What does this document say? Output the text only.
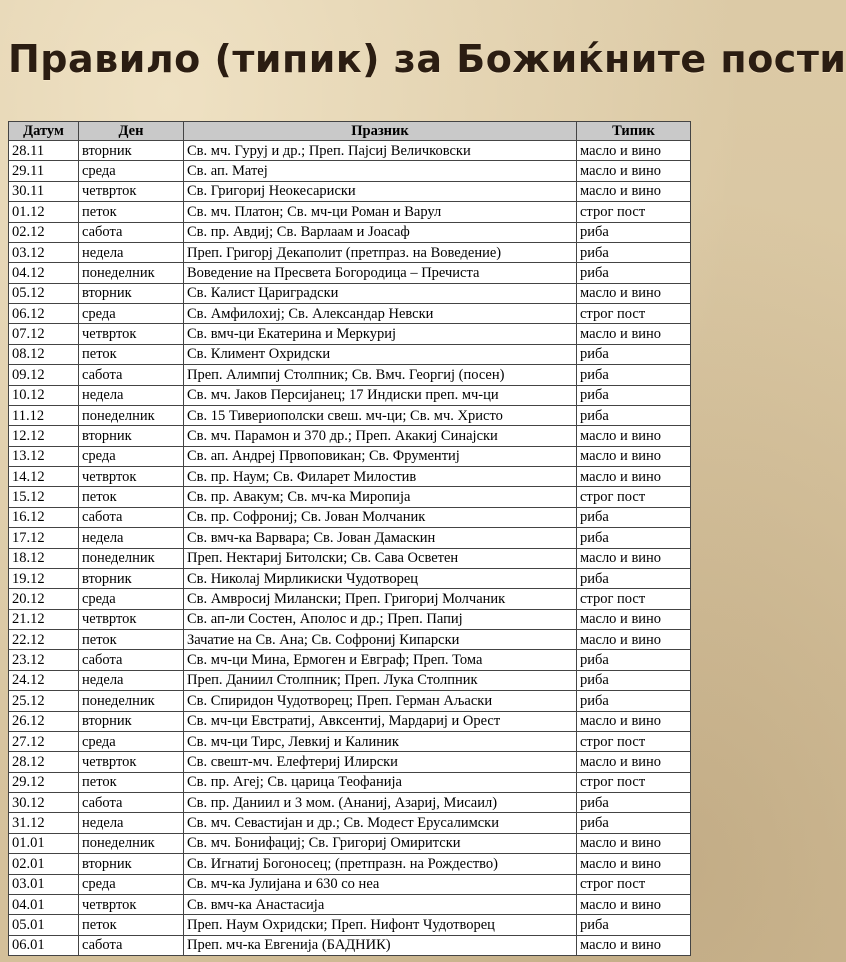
Правило (типик) за Божиќните пости
Датум	Ден	Празник	Типик
28.11	вторник	Св. мч. Гуруј и др.; Преп. Пајсиј Величковски	масло и вино
29.11	среда	Св. ап. Матеј	масло и вино
30.11	четврток	Св. Григориј Неокесариски	масло и вино
01.12	петок	Св. мч. Платон; Св. мч-ци Роман и Варул	строг пост
02.12	сабота	Св. пр. Авдиј; Св. Варлаам и Јоасаф	риба
03.12	недела	Преп. Григорј Декаполит (претпраз. на Воведение)	риба
04.12	понеделник	Воведение на Пресвета Богородица – Пречиста	риба
05.12	вторник	Св. Калист Цариградски	масло и вино
06.12	среда	Св. Амфилохиј; Св. Александар Невски	строг пост
07.12	четврток	Св. вмч-ци Екатерина и Меркуриј	масло и вино
08.12	петок	Св. Климент Охридски	риба
09.12	сабота	Преп. Алимпиј Столпник; Св. Вмч. Георгиј (посен)	риба
10.12	недела	Св. мч. Јаков Персијанец; 17 Индиски преп. мч-ци	риба
11.12	понеделник	Св. 15 Тивериополски свеш. мч-ци; Св. мч. Христо	риба
12.12	вторник	Св. мч. Парамон и 370 др.; Преп. Акакиј Синајски	масло и вино
13.12	среда	Св. ап. Андреј Првоповикан; Св. Фрументиј	масло и вино
14.12	четврток	Св. пр. Наум; Св. Филарет Милостив	масло и вино
15.12	петок	Св. пр. Авакум; Св. мч-ка Миропија	строг пост
16.12	сабота	Св. пр. Софрониј; Св. Јован Молчаник	риба
17.12	недела	Св. вмч-ка Варвара; Св. Јован Дамаскин	риба
18.12	понеделник	Преп. Нектариј Битолски; Св. Сава Осветен	масло и вино
19.12	вторник	Св. Николај Мирликиски Чудотворец	риба
20.12	среда	Св. Амвросиј Милански; Преп. Григориј Молчаник	строг пост
21.12	четврток	Св. ап-ли Состен, Аполос и др.; Преп. Папиј	масло и вино
22.12	петок	Зачатие на Св. Ана; Св. Софрониј Кипарски	масло и вино
23.12	сабота	Св. мч-ци Мина, Ермоген и Евграф; Преп. Тома	риба
24.12	недела	Преп. Даниил Столпник; Преп. Лука Столпник	риба
25.12	понеделник	Св. Спиридон Чудотворец; Преп. Герман Аљаски	риба
26.12	вторник	Св. мч-ци Евстратиј, Авксентиј, Мардариј и Орест	масло и вино
27.12	среда	Св. мч-ци Тирс, Левкиј и Калиник	строг пост
28.12	четврток	Св. свешт-мч. Елефтериј Илирски	масло и вино
29.12	петок	Св. пр. Агеј; Св. царица Теофанија	строг пост
30.12	сабота	Св. пр. Даниил и 3 мом. (Ананиј, Азариј, Мисаил)	риба
31.12	недела	Св. мч. Севастијан и др.; Св. Модест Ерусалимски	риба
01.01	понеделник	Св. мч. Бонифациј; Св. Григориј Омиритски	масло и вино
02.01	вторник	Св. Игнатиј Богоносец; (претпразн. на Рождество)	масло и вино
03.01	среда	Св. мч-ка Јулијана и 630 со неа	строг пост
04.01	четврток	Св. вмч-ка Анастасија	масло и вино
05.01	петок	Преп. Наум Охридски; Преп. Нифонт Чудотворец	риба
06.01	сабота	Преп. мч-ка Евгенија (БАДНИК)	масло и вино
